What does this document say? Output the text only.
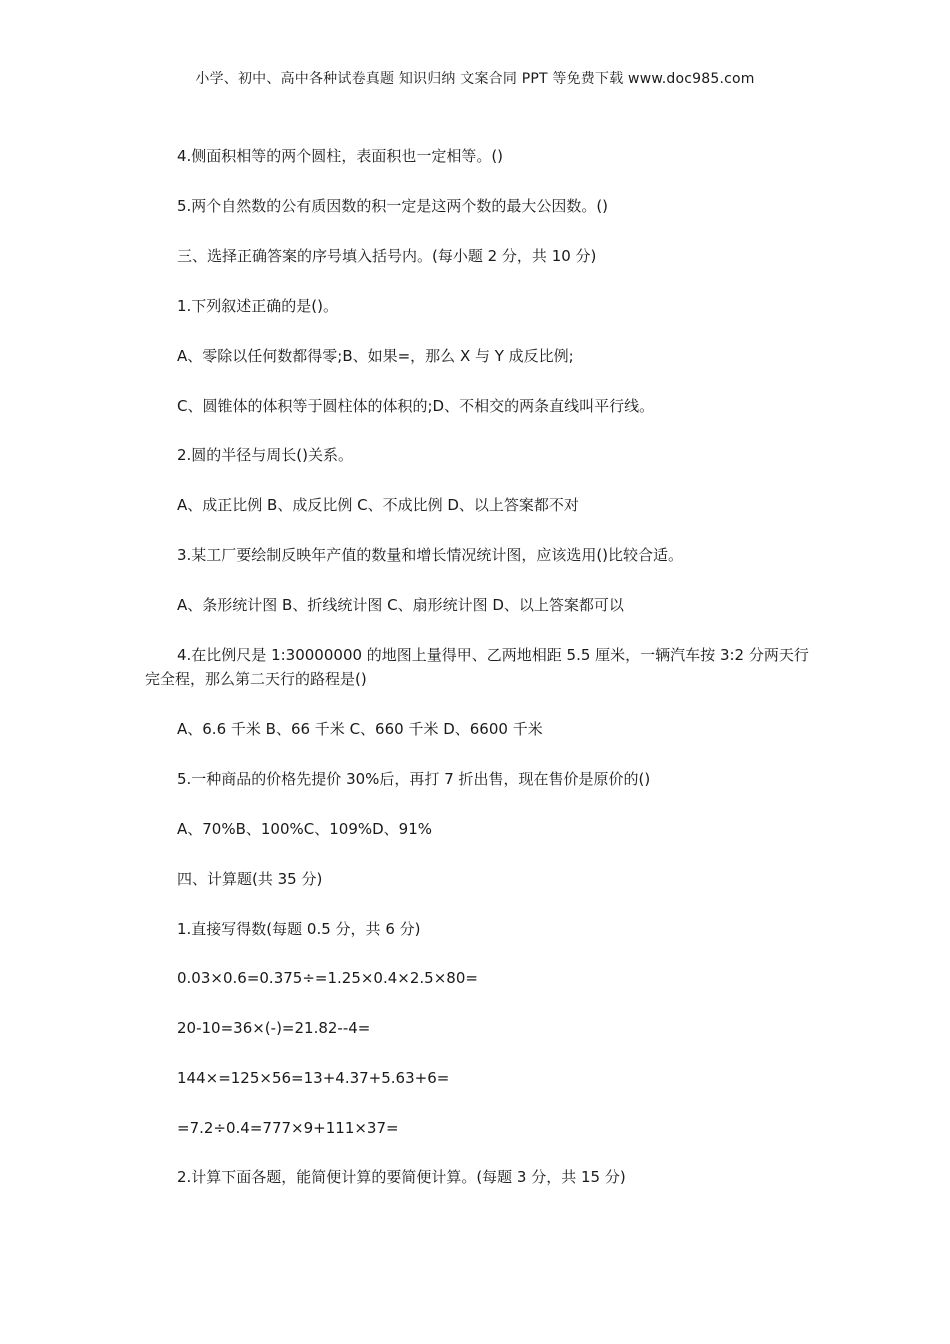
小学、初中、高中各种试卷真题 知识归纳 文案合同 PPT 等免费下载 www.doc985.com
4.侧面积相等的两个圆柱，表面积也一定相等。()
5.两个自然数的公有质因数的积一定是这两个数的最大公因数。()
三、选择正确答案的序号填入括号内。(每小题 2 分，共 10 分)
1.下列叙述正确的是()。
A、零除以任何数都得零;B、如果=，那么 X 与 Y 成反比例;
C、圆锥体的体积等于圆柱体的体积的;D、不相交的两条直线叫平行线。
2.圆的半径与周长()关系。
A、成正比例 B、成反比例 C、不成比例 D、以上答案都不对
3.某工厂要绘制反映年产值的数量和增长情况统计图，应该选用()比较合适。
A、条形统计图 B、折线统计图 C、扇形统计图 D、以上答案都可以
4.在比例尺是 1:30000000 的地图上量得甲、乙两地相距 5.5 厘米，一辆汽车按 3:2 分两天行完全程，那么第二天行的路程是()
A、6.6 千米 B、66 千米 C、660 千米 D、6600 千米
5.一种商品的价格先提价 30%后，再打 7 折出售，现在售价是原价的()
A、70%B、100%C、109%D、91%
四、计算题(共 35 分)
1.直接写得数(每题 0.5 分，共 6 分)
0.03×0.6=0.375÷=1.25×0.4×2.5×80=
20-10=36×(-)=21.82--4=
144×=125×56=13+4.37+5.63+6=
=7.2÷0.4=777×9+111×37=
2.计算下面各题，能简便计算的要简便计算。(每题 3 分，共 15 分)
